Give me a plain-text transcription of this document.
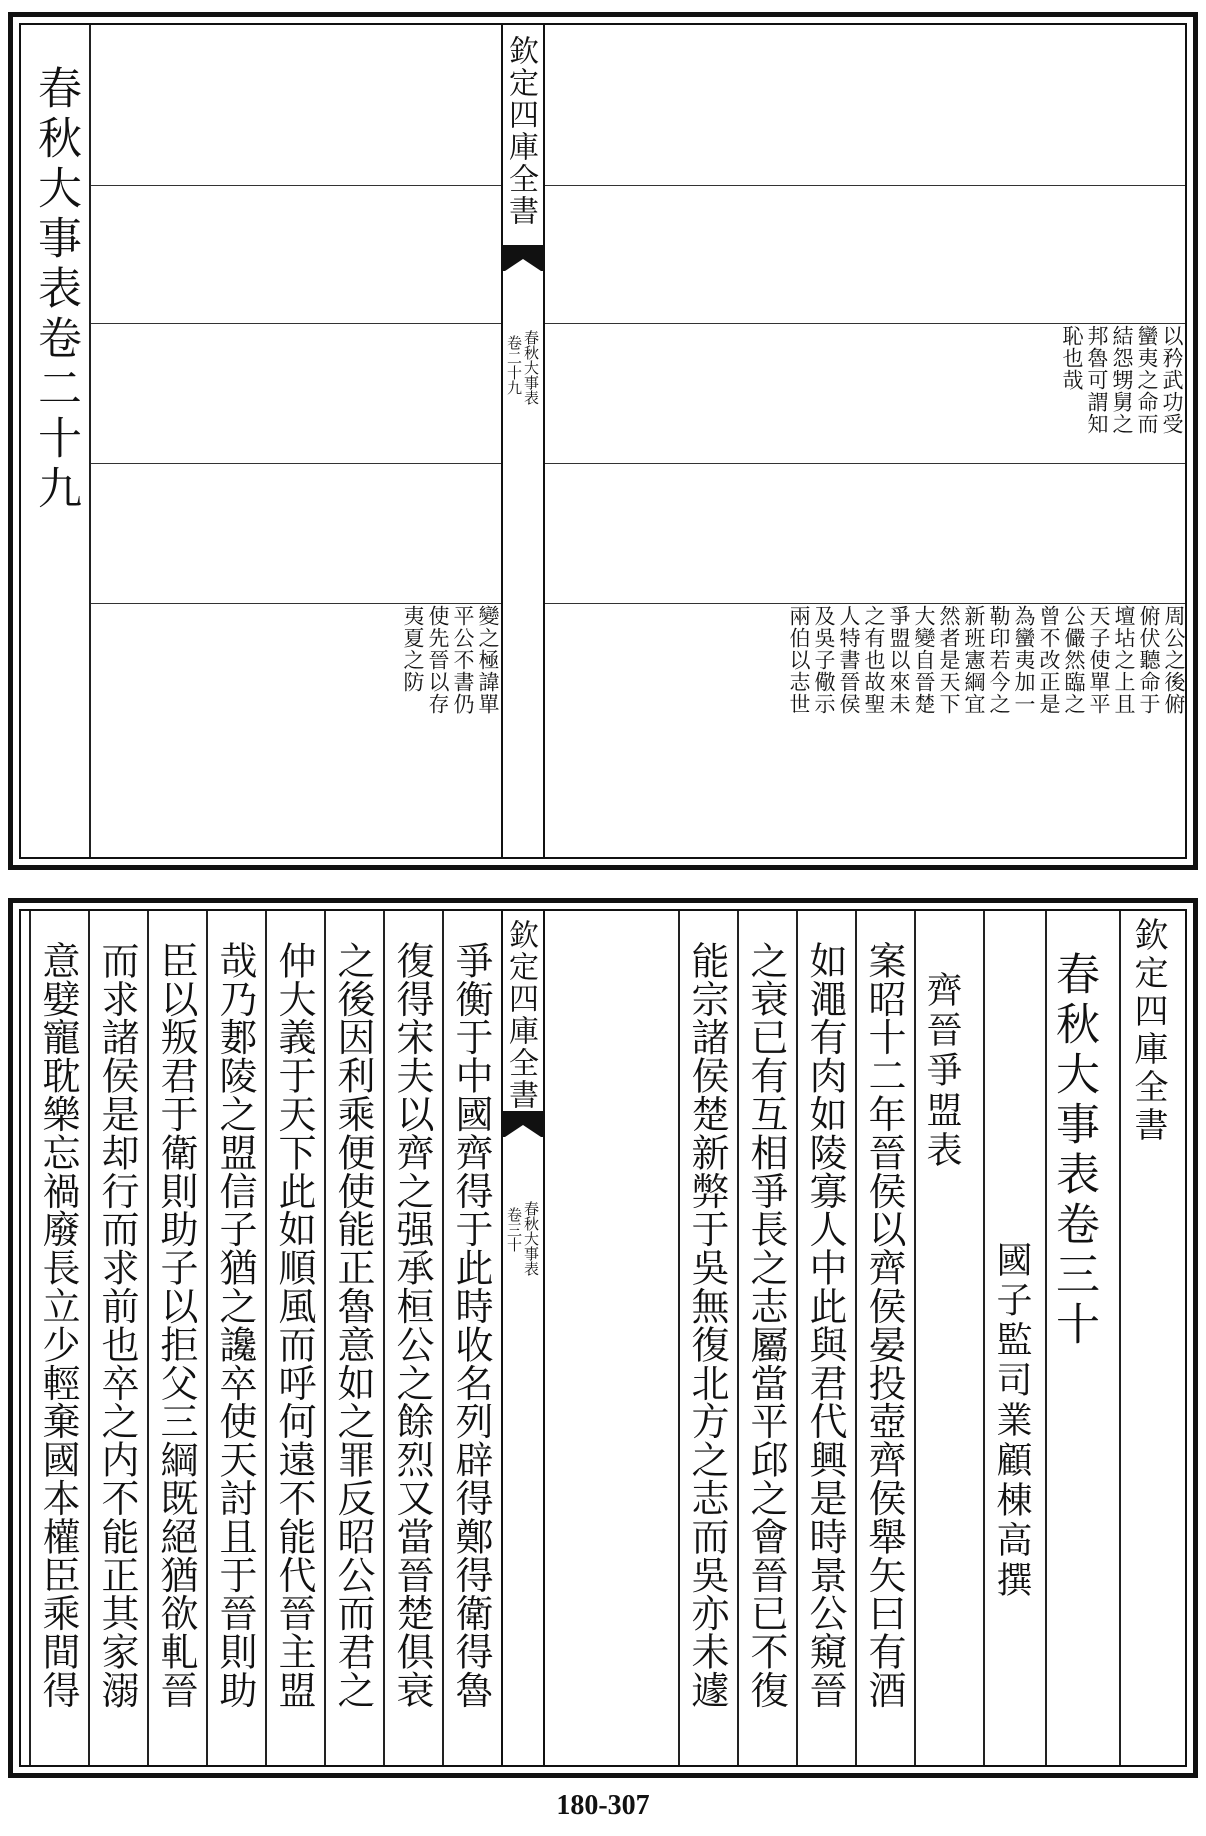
春秋大事表卷二十九	欽定四庫全書
春秋大事表
卷二十九	以矜武功受
蠻夷之命而
結怨甥舅之
邦魯可謂知
恥也哉
周公之後俯
俯伏聽命于
壇坫之上且
天子使單平
公儼然臨之
曾不改正是
為蠻夷加一
勒印若今之
新班憲綱宜
然者是天下
大變自晉楚
爭盟以來未
之有也故聖
人特書晉侯
及吳子儆示
兩伯以志世
變之極諱單
平公不書仍
使先晉以存
夷夏之防
欽定四庫全書
春秋大事表
卷三十
欽定四庫全書
春秋大事表卷三十
國子監司業顧棟高撰
齊晉爭盟表
案昭十二年晉侯以齊侯晏投壺齊侯舉矢曰有酒
如澠有肉如陵寡人中此與君代興是時景公窺晉
之衰已有互相爭長之志屬當平邱之會晉已不復
能宗諸侯楚新弊于吳無復北方之志而吳亦未遽
爭衡于中國齊得于此時收名列辟得鄭得衛得魯
復得宋夫以齊之强承桓公之餘烈又當晉楚俱衰
之後因利乘便使能正魯意如之罪反昭公而君之
仲大義于天下此如順風而呼何遠不能代晉主盟
哉乃郪陵之盟信子猶之讒卒使天討且于晉則助
臣以叛君于衛則助子以拒父三綱既絕猶欲軋晉
而求諸侯是却行而求前也卒之内不能正其家溺
意嬖寵耽樂忘禍廢長立少輕棄國本權臣乘間得
180-307
